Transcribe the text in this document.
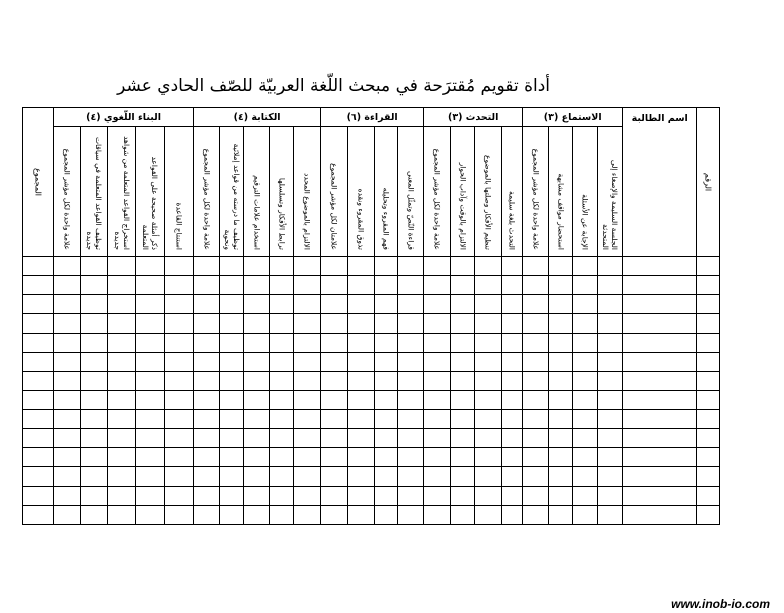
أداة تقويم مُقترَحة في مبحث اللّغة العربيّة للصّف الحادي عشر
المجموع	البناء اللّغوي (٤)					الكتابة (٤)					القراءة (٦)				التحدث (٣)				الاستماع (٣)				اسم الطالبة	الرقم

	علامة واحدة لكل مؤشر المجموع	توظيف القواعد المتعلمة في سياقات جديدة	استخراج القواعد المتعلمة من شواهد جديدة	ذكر أمثلة صحيحة على القواعد المتعلمة	استنتاج القاعدة	علامة واحدة لكل مؤشر المجموع	توظيف ما درسته من قواعد إملائية ونحوية	استخدام علامات الترقيم	ترابط الأفكار وتسلسلها	الالتزام بالموضوع المحدد	علامتان لكل مؤشر المجموع	تذوق المقروء ونقده	فهم المقروء وتحليله	قراءة النّصّ وتمثّل المعنى	علامة واحدة لكل مؤشر المجموع	الالتزام بالوقت وآداب الحوار	تنظيم الأفكار وصلتها بالموضوع	التحدث بلغة سليمة	علامة واحدة لكل مؤشر المجموع	استحضار مواقف مشابهة	الإجابة عن الأسئلة	الجلسة السليمة والإصغاء إلى المتحدثة		

www.inob-io.com
